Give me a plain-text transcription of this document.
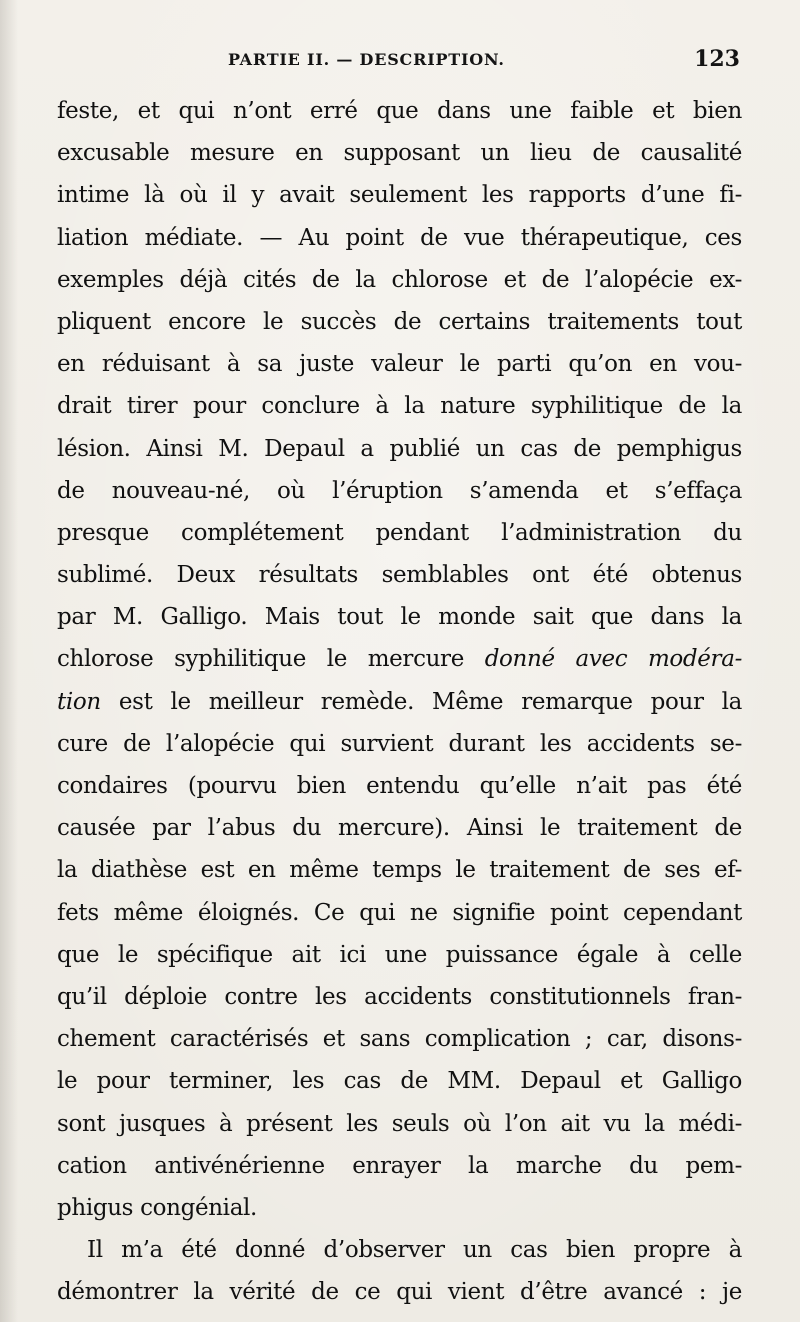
PARTIE II. — DESCRIPTION.	123
feste, et qui n’ont erré que dans une faible et bien
excusable mesure en supposant un lieu de causalité
intime là où il y avait seulement les rapports d’une fi-
liation médiate. — Au point de vue thérapeutique, ces
exemples déjà cités de la chlorose et de l’alopécie ex-
pliquent encore le succès de certains traitements tout
en réduisant à sa juste valeur le parti qu’on en vou-
drait tirer pour conclure à la nature syphilitique de la
lésion. Ainsi M. Depaul a publié un cas de pemphigus
de nouveau-né, où l’éruption s’amenda et s’effaça
presque complétement pendant l’administration du
sublimé. Deux résultats semblables ont été obtenus
par M. Galligo. Mais tout le monde sait que dans la
chlorose syphilitique le mercure donné avec modéra-
tion est le meilleur remède. Même remarque pour la
cure de l’alopécie qui survient durant les accidents se-
condaires (pourvu bien entendu qu’elle n’ait pas été
causée par l’abus du mercure). Ainsi le traitement de
la diathèse est en même temps le traitement de ses ef-
fets même éloignés. Ce qui ne signifie point cependant
que le spécifique ait ici une puissance égale à celle
qu’il déploie contre les accidents constitutionnels fran-
chement caractérisés et sans complication ; car, disons-
le pour terminer, les cas de MM. Depaul et Galligo
sont jusques à présent les seuls où l’on ait vu la médi-
cation antivénérienne enrayer la marche du pem-
phigus congénial.
Il m’a été donné d’observer un cas bien propre à
démontrer la vérité de ce qui vient d’être avancé : je
